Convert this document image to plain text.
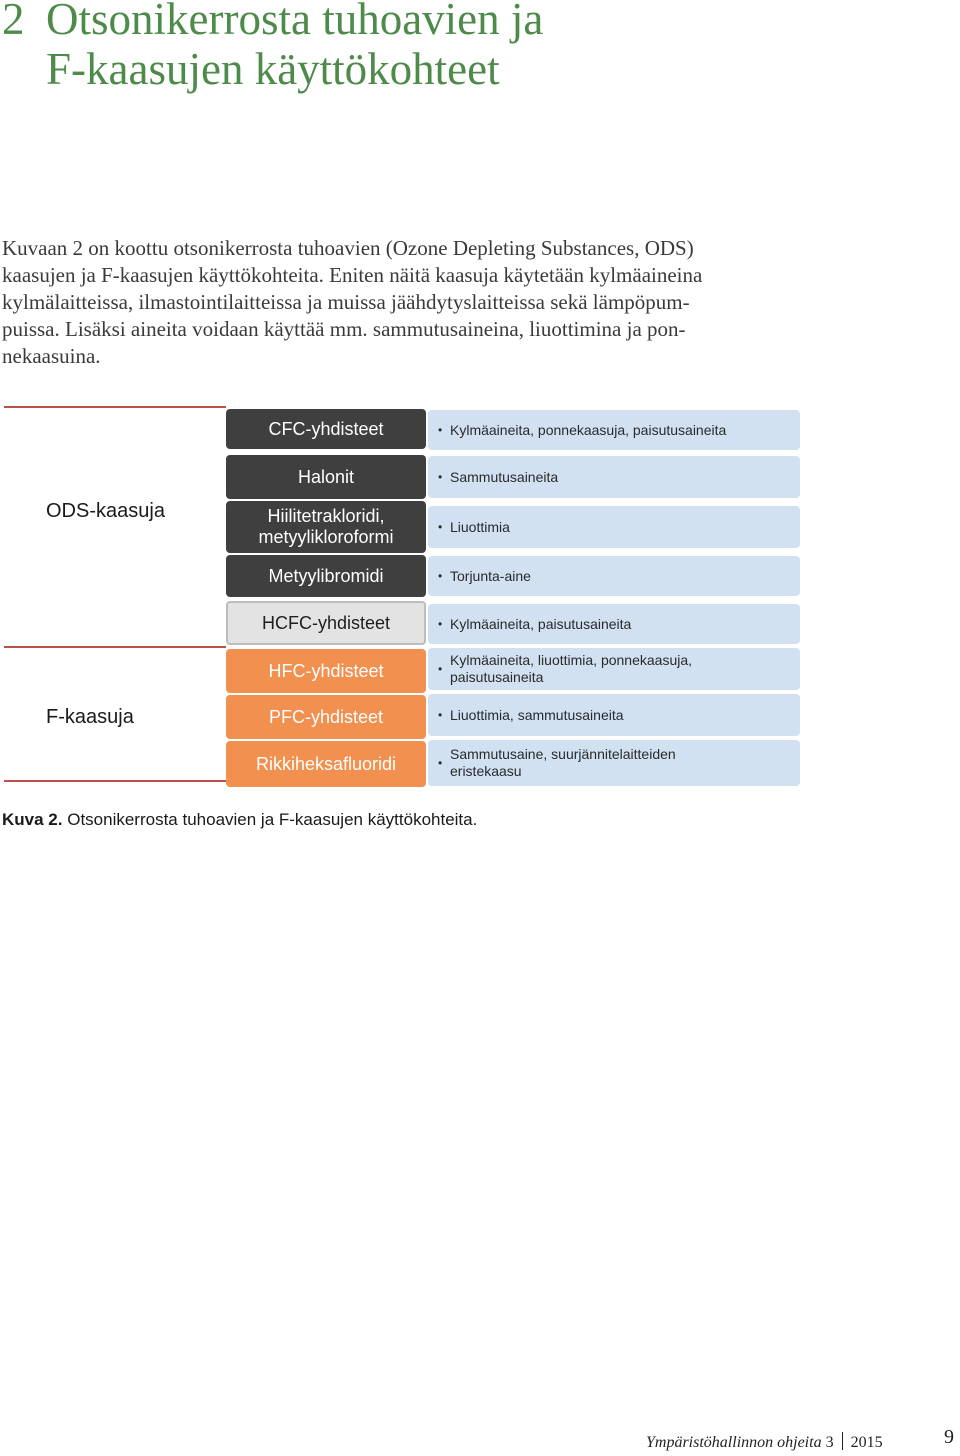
2 Otsonikerrosta tuhoavien ja
F-kaasujen käyttökohteet

Kuvaan 2 on koottu otsonikerrosta tuhoavien (Ozone Depleting Substances, ODS)
kaasujen ja F-kaasujen käyttökohteita. Eniten näitä kaasuja käytetään kylmäaineina
kylmälaitteissa, ilmastointilaitteissa ja muissa jäähdytyslaitteissa sekä lämpöpum-
puissa. Lisäksi aineita voidaan käyttää mm. sammutusaineina, liuottimina ja pon-
nekaasuina.

ODS-kaasuja
F-kaasuja
CFC-yhdisteet	• Kylmäaineita, ponnekaasuja, paisutusaineita
Halonit	• Sammutusaineita
Hiilitetrakloridi,
metyylikloroformi
• Liuottimia
Metyylibromidi	• Torjunta-aine
HCFC-yhdisteet	• Kylmäaineita, paisutusaineita
HFC-yhdisteet	•
Kylmäaineita, liuottimia, ponnekaasuja,
paisutusaineita
PFC-yhdisteet	• Liuottimia, sammutusaineita
Rikkiheksafluoridi	•
Sammutusaine, suurjännitelaitteiden
eristekaasu
Kuva 2. Otsonikerrosta tuhoavien ja F-kaasujen käyttökohteita.
Ympäristöhallinnon ohjeita 3 2015	9
